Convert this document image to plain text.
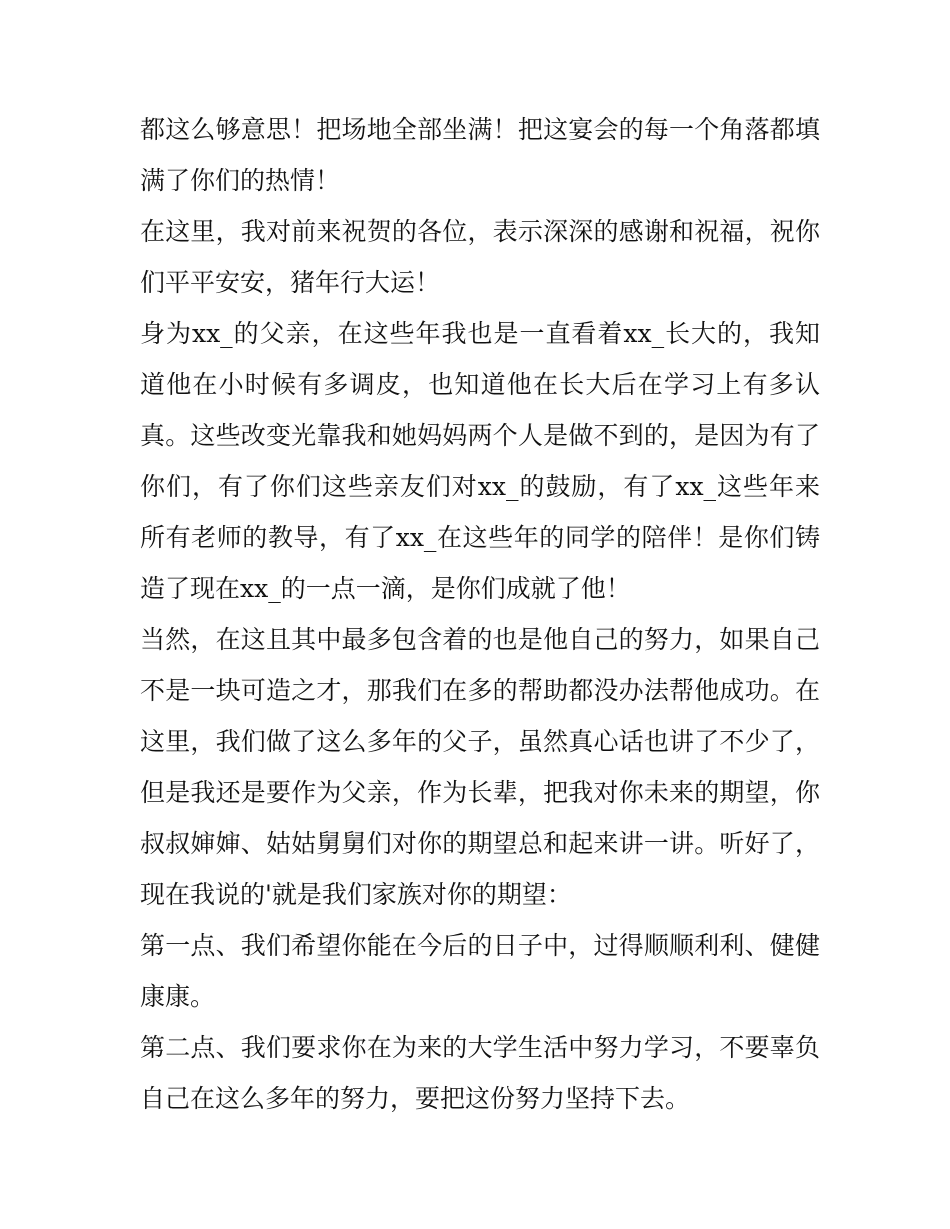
都这么够意思！把场地全部坐满！把这宴会的每一个角落都填满了你们的热情！

在这里，我对前来祝贺的各位，表示深深的感谢和祝福，祝你们平平安安，猪年行大运！

身为xx_的父亲，在这些年我也是一直看着xx_长大的，我知道他在小时候有多调皮，也知道他在长大后在学习上有多认真。这些改变光靠我和她妈妈两个人是做不到的，是因为有了你们，有了你们这些亲友们对xx_的鼓励，有了xx_这些年来所有老师的教导，有了xx_在这些年的同学的陪伴！是你们铸造了现在xx_的一点一滴，是你们成就了他！

当然，在这且其中最多包含着的也是他自己的努力，如果自己不是一块可造之才，那我们在多的帮助都没办法帮他成功。在这里，我们做了这么多年的父子，虽然真心话也讲了不少了，但是我还是要作为父亲，作为长辈，把我对你未来的期望，你叔叔婶婶、姑姑舅舅们对你的期望总和起来讲一讲。听好了，现在我说的'就是我们家族对你的期望：

第一点、我们希望你能在今后的日子中，过得顺顺利利、健健康康。

第二点、我们要求你在为来的大学生活中努力学习，不要辜负自己在这么多年的努力，要把这份努力坚持下去。
